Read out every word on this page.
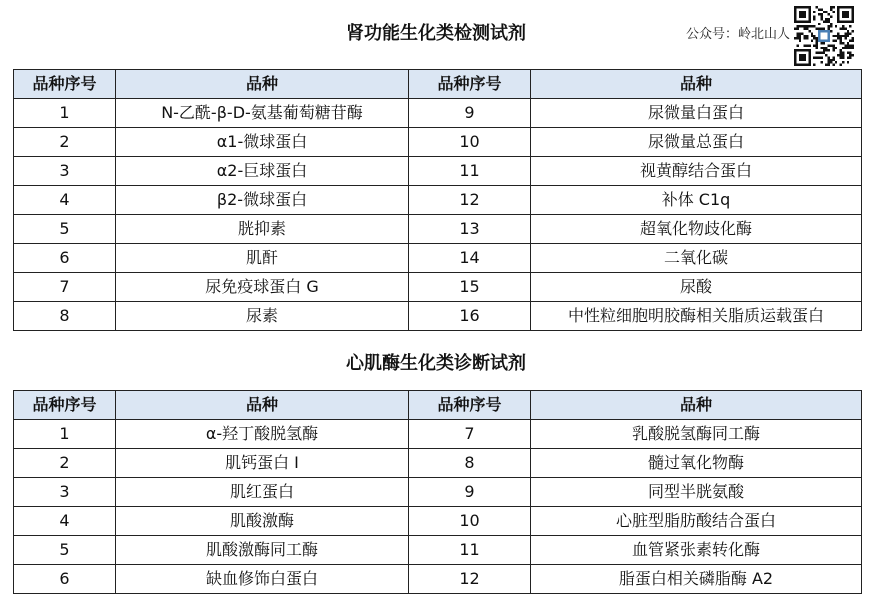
肾功能生化类检测试剂	公众号：岭北山人
品种序号	品种	品种序号	品种
1	N-乙酰-β-D-氨基葡萄糖苷酶	9	尿微量白蛋白
2	α1-微球蛋白	10	尿微量总蛋白
3	α2-巨球蛋白	11	视黄醇结合蛋白
4	β2-微球蛋白	12	补体 C1q
5	胱抑素	13	超氧化物歧化酶
6	肌酐	14	二氧化碳
7	尿免疫球蛋白 G	15	尿酸
8	尿素	16	中性粒细胞明胶酶相关脂质运载蛋白
心肌酶生化类诊断试剂
品种序号	品种	品种序号	品种
1	α-羟丁酸脱氢酶	7	乳酸脱氢酶同工酶
2	肌钙蛋白 I	8	髓过氧化物酶
3	肌红蛋白	9	同型半胱氨酸
4	肌酸激酶	10	心脏型脂肪酸结合蛋白
5	肌酸激酶同工酶	11	血管紧张素转化酶
6	缺血修饰白蛋白	12	脂蛋白相关磷脂酶 A2
